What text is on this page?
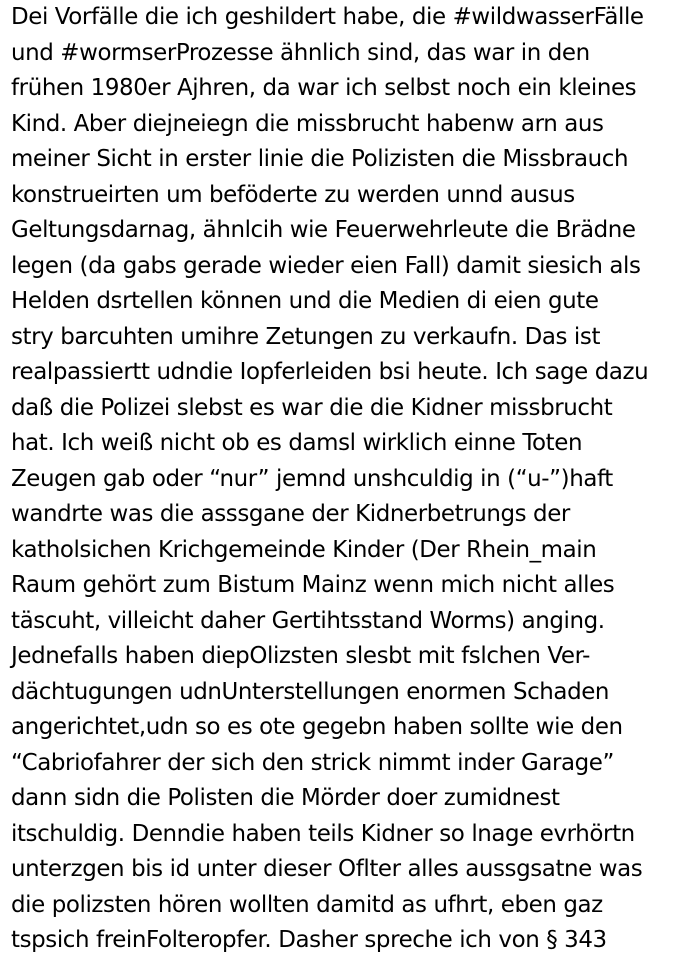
Dei Vorfälle die ich geshildert habe, die #wildwasserFälle
und #wormserProzesse ähnlich sind, das war in den
frühen 1980er Ajhren, da war ich selbst noch ein kleines
Kind. Aber diejneiegn die missbrucht habenw arn aus
meiner Sicht in erster linie die Polizisten die Missbrauch
konstrueirten um beföderte zu werden unnd ausus
Geltungsdarnag, ähnlcih wie Feuerwehrleute die Brädne
legen (da gabs gerade wieder eien Fall) damit siesich als
Helden dsrtellen können und die Medien di eien gute
stry barcuhten umihre Zetungen zu verkaufn. Das ist
realpassiertt udndie Iopferleiden bsi heute. Ich sage dazu
daß die Polizei slebst es war die die Kidner missbrucht
hat. Ich weiß nicht ob es damsl wirklich einne Toten
Zeugen gab oder “nur” jemnd unshculdig in (“u-”)haft
wandrte was die asssgane der Kidnerbetrungs der
katholsichen Krichgemeinde Kinder (Der Rhein_main
Raum gehört zum Bistum Mainz wenn mich nicht alles
täscuht, villeicht daher Gertihtsstand Worms) anging.
Jednefalls haben diepOlizsten slesbt mit fslchen Ver-
dächtugungen udnUnterstellungen enormen Schaden
angerichtet,udn so es ote gegebn haben sollte wie den
“Cabriofahrer der sich den strick nimmt inder Garage”
dann sidn die Polisten die Mörder doer zumidnest
itschuldig. Denndie haben teils Kidner so lnage evrhörtn
unterzgen bis id unter dieser Oflter alles aussgsatne was
die polizsten hören wollten damitd as ufhrt, eben gaz
tspsich freinFolteropfer. Dasher spreche ich von § 343
